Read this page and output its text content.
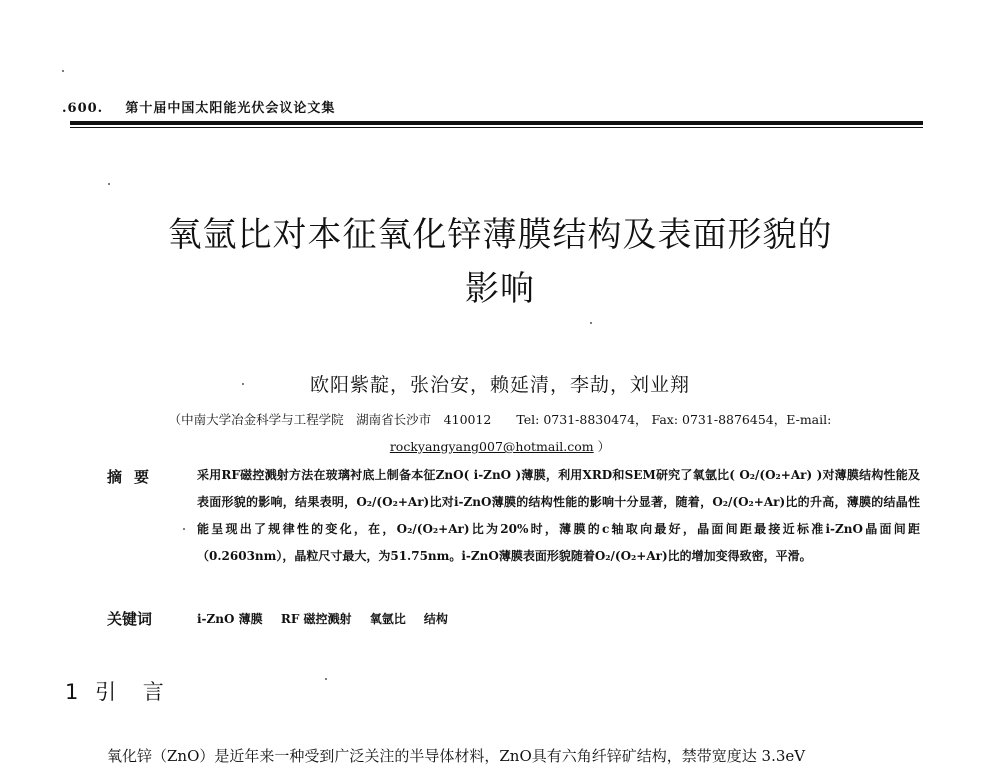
.600. 第十届中国太阳能光伏会议论文集
氧氩比对本征氧化锌薄膜结构及表面形貌的
影响
欧阳紫靛，张治安，赖延清，李劼，刘业翔
（中南大学冶金科学与工程学院　湖南省长沙市　410012　　Tel: 0731-8830474， Fax: 0731-8876454，E-mail:
rockyangyang007@hotmail.com ）
摘要	采用RF磁控溅射方法在玻璃衬底上制备本征ZnO( i-ZnO )薄膜，利用XRD和SEM研究了氧氩比( O₂/(O₂+Ar) )对薄膜结构性能及表面形貌的影响，结果表明，O₂/(O₂+Ar)比对i-ZnO薄膜的结构性能的影响十分显著，随着，O₂/(O₂+Ar)比的升高，薄膜的结晶性能呈现出了规律性的变化，在，O₂/(O₂+Ar)比为20%时，薄膜的c轴取向最好，晶面间距最接近标准i-ZnO晶面间距（0.2603nm），晶粒尺寸最大，为51.75nm。i-ZnO薄膜表面形貌随着O₂/(O₂+Ar)比的增加变得致密，平滑。
关键词	i-ZnO 薄膜 RF 磁控溅射 氧氩比 结构
1 引 言
氧化锌（ZnO）是近年来一种受到广泛关注的半导体材料，ZnO具有六角纤锌矿结构，禁带宽度达 3.3eV
